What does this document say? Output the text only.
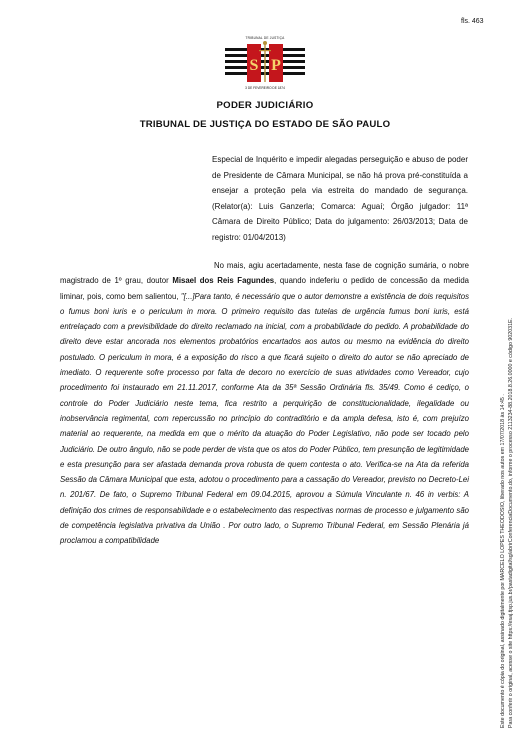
fls. 463
TRIBUNAL DE JUSTIÇA
S P
3 DE FEVEREIRO DE 1874
PODER JUDICIÁRIO
TRIBUNAL DE JUSTIÇA DO ESTADO DE SÃO PAULO
Especial de Inquérito e impedir alegadas perseguição e abuso de poder de Presidente de Câmara Municipal, se não há prova pré-constituída a ensejar a proteção pela via estreita do mandado de segurança. (Relator(a): Luis Ganzerla; Comarca: Aguaí; Órgão julgador: 11ª Câmara de Direito Público; Data do julgamento: 26/03/2013; Data de registro: 01/04/2013)
No mais, agiu acertadamente, nesta fase de cognição sumária, o nobre magistrado de 1º grau, doutor Misael dos Reis Fagundes, quando indeferiu o pedido de concessão da medida liminar, pois, como bem salientou, "[...]Para tanto, é necessário que o autor demonstre a existência de dois requisitos o fumus boni iuris e o periculum in mora. O primeiro requisito das tutelas de urgência fumus boni iuris, está entrelaçado com a previsibilidade do direito reclamado na inicial, com a probabilidade do pedido. A probabilidade do direito deve estar ancorada nos elementos probatórios encartados aos autos ou mesmo na evidência do direito postulado. O periculum in mora, é a exposição do risco a que ficará sujeito o direito do autor se não apreciado de imediato. O requerente sofre processo por falta de decoro no exercício de suas atividades como Vereador, cujo procedimento foi instaurado em 21.11.2017, conforme Ata da 35ª Sessão Ordinária fls. 35/49. Como é cediço, o controle do Poder Judiciário neste tema, fica restrito a perquirição de constitucionalidade, ilegalidade ou inobservância regimental, com repercussão no princípio do contraditório e da ampla defesa, isto é, com prejuízo material ao requerente, na medida em que o mérito da atuação do Poder Legislativo, não pode ser tocado pelo Judiciário. De outro ângulo, não se pode perder de vista que os atos do Poder Público, tem presunção de legitimidade e esta presunção para ser afastada demanda prova robusta de quem contesta o ato. Verifica-se na Ata da referida Sessão da Câmara Municipal que esta, adotou o procedimento para a cassação do Vereador, previsto no Decreto-Lei n. 201/67. De fato, o Supremo Tribunal Federal em 09.04.2015, aprovou a Súmula Vinculante n. 46 in verbis: A definição dos crimes de responsabilidade e o estabelecimento das respectivas normas de processo e julgamento são de competência legislativa privativa da União . Por outro lado, o Supremo Tribunal Federal, em Sessão Plenária já proclamou a compatibilidade	Este documento é cópia do original, assinado digitalmente por MARCELO LOPES THEODOSIO, liberado nos autos em 17/07/2018 às 14:45 . Para conferir o original, acesse o site https://esaj.tjsp.jus.br/pastadigital/sg/abrirConferenciaDocumento.do, informe o processo 2113234-88.2018.8.26.0000 e código 902031E.
